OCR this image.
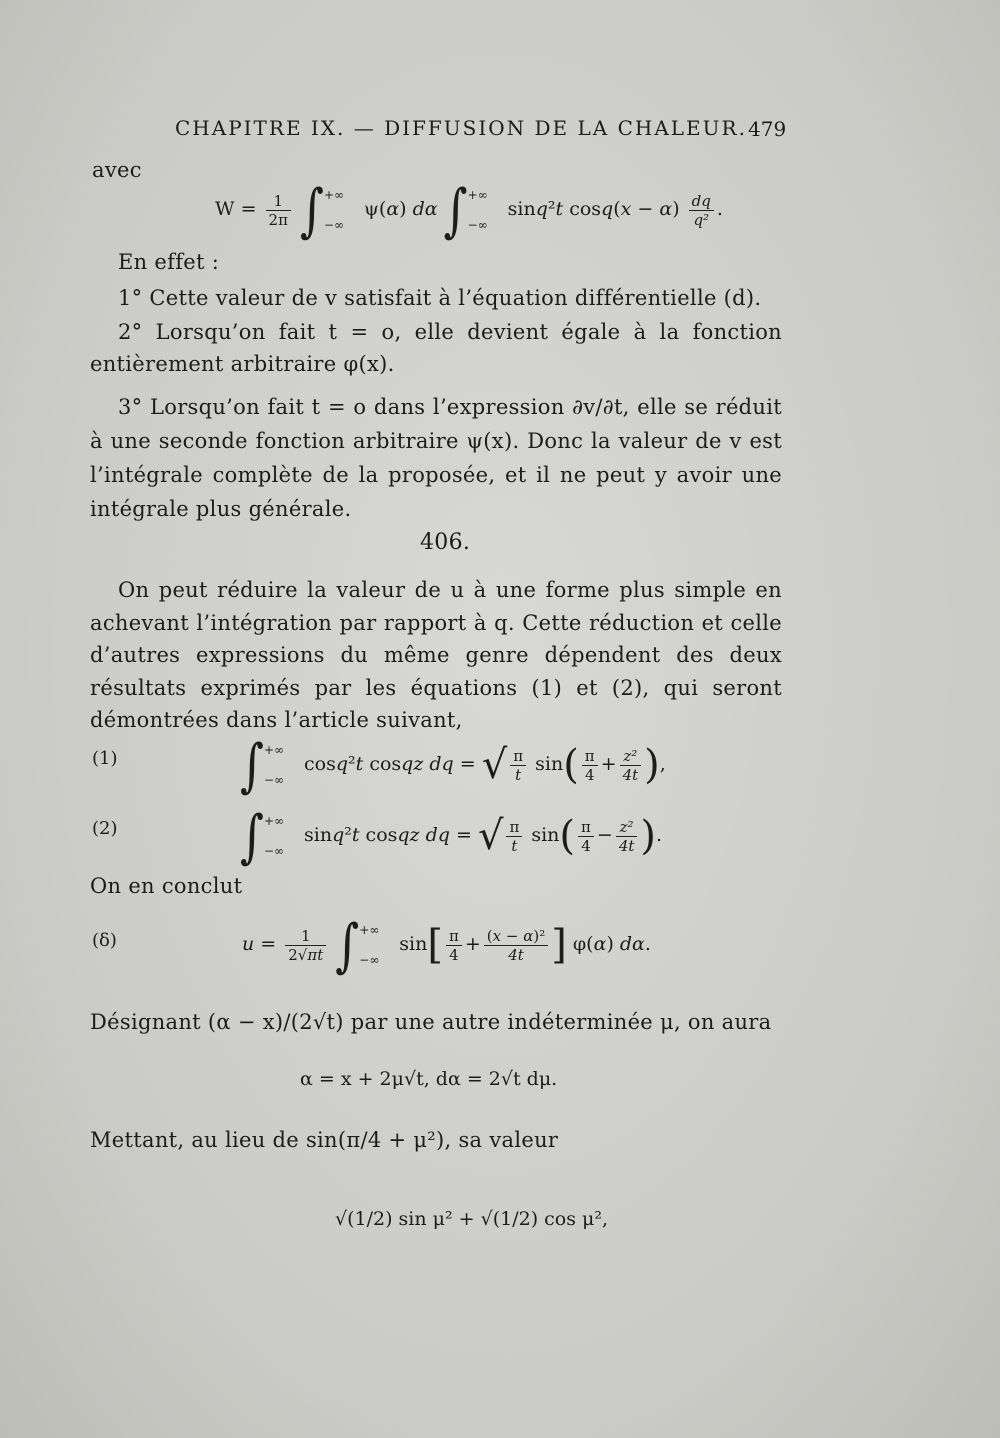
CHAPITRE IX. — DIFFUSION DE LA CHALEUR. 479
avec
$W = \frac{1}{2\pi}$ ∫ +∞
−∞
ψ(α) dα ∫ +∞
−∞
sinq²t $\cos q(x - \alpha) \frac{dq}{\text{q²}}$ .
En effet :
1° Cette valeur de v satisfait à l’équation différentielle (d).
2° Lorsqu’on fait t = o, elle devient égale à la fonction entièrement arbitraire φ(x).
3° Lorsqu’on fait t = o dans l’expression ∂v/∂t, elle se réduit à une seconde fonction arbitraire ψ(x). Donc la valeur de v est l’intégrale complète de la proposée, et il ne peut y avoir une intégrale plus générale.
406.
On peut réduire la valeur de u à une forme plus simple en achevant l’intégration par rapport à q. Cette réduction et celle d’autres expressions du même genre dépendent des deux résultats exprimés par les équations (1) et (2), qui seront démontrées dans l’article suivant,
(1)	∫ +∞
−∞
cosq²t cosqz dq = √ $\frac{\pi}{t} \sin( \frac{\pi}{4} + \frac{\text{z²}}{4t}$ ),
(2)	∫ +∞
−∞
sinq²t cosqz dq = √ $\frac{\pi}{t} \sin( \frac{\pi}{4} - \frac{\text{z²}}{4t}$ ).
On en conclut
(δ)	$u = \frac{1}{2√\pi t}$ ∫ +∞
−∞
$\sin[ \frac{\pi}{4} + \frac{\text{(x − α)²}}{4t}$ ] φ(α) dα.
Désignant (α − x)/(2√t) par une autre indéterminée μ, on aura
α = x + 2μ√t, dα = 2√t dμ.
Mettant, au lieu de sin(π/4 + μ²), sa valeur
√(1/2) sin μ² + √(1/2) cos μ²,
